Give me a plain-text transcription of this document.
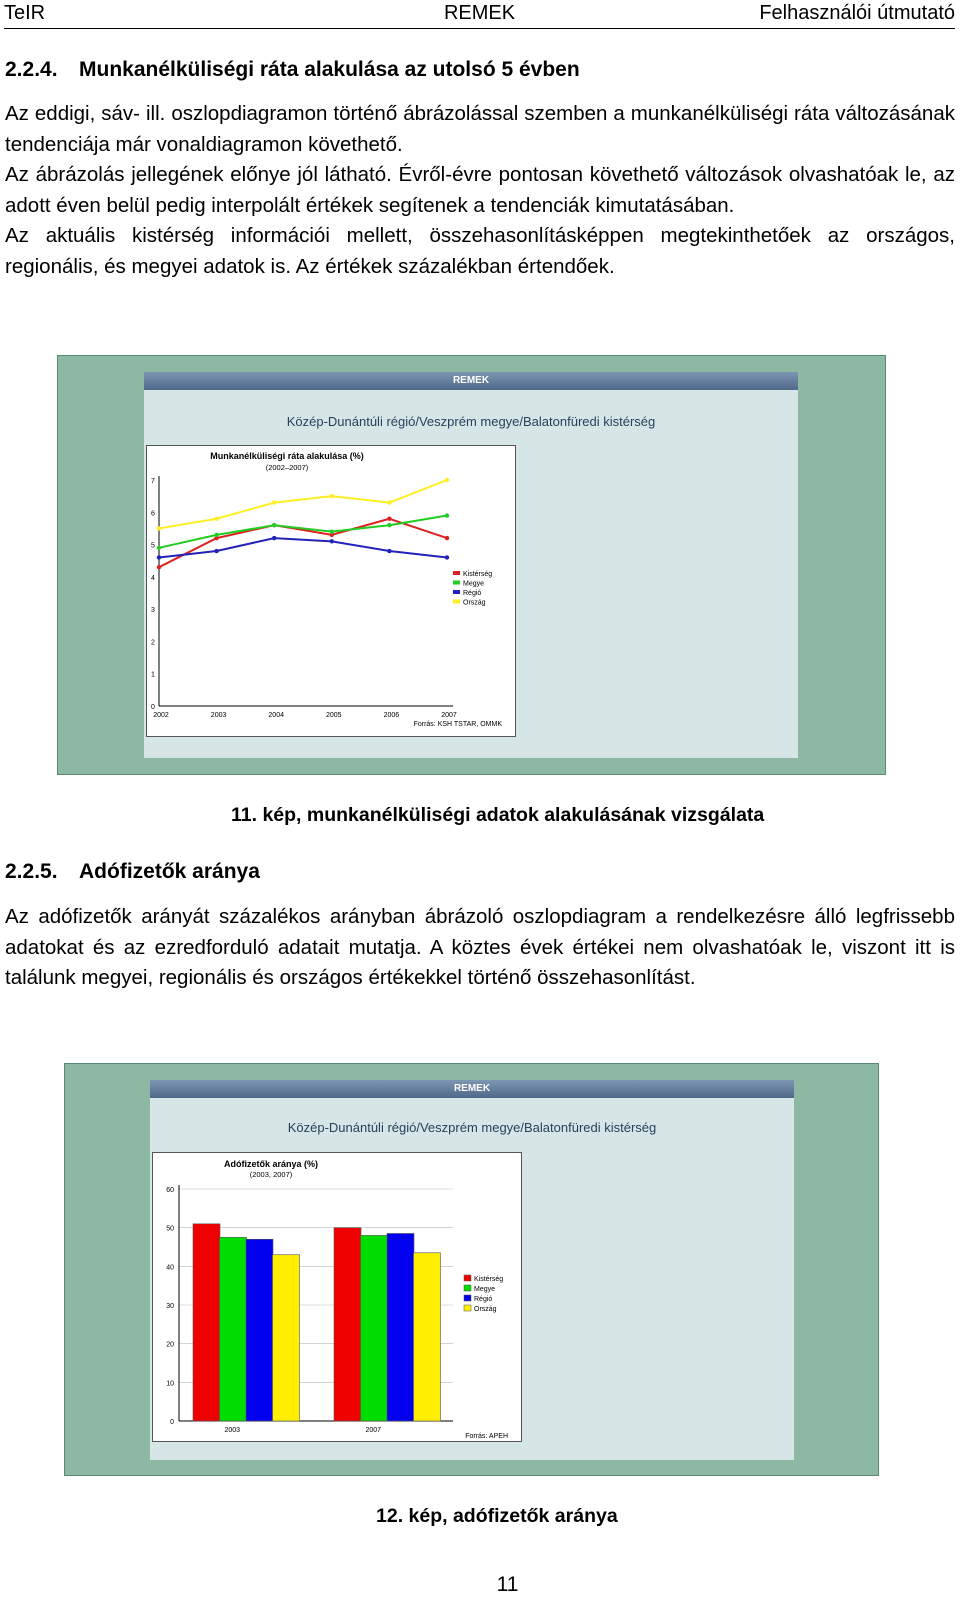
TeIR	REMEK	Felhasználói útmutató
2.2.4. Munkanélküliségi ráta alakulása az utolsó 5 évben

Az eddigi, sáv- ill. oszlopdiagramon történő ábrázolással szemben a munkanélküliségi ráta változásának tendenciája már vonaldiagramon követhető.

Az ábrázolás jellegének előnye jól látható. Évről-évre pontosan követhető változások olvashatóak le, az adott éven belül pedig interpolált értékek segítenek a tendenciák kimutatásában.

Az aktuális kistérség információi mellett, összehasonlításképpen megtekinthetőek az országos, regionális, és megyei adatok is. Az értékek százalékban értendőek.

REMEK
Közép-Dunántúli régió/Veszprém megye/Balatonfüredi kistérség
Munkanélküliségi ráta alakulása (%)
(2002–2007)
0
1
2
3
4
5
6
7
2002	2003	2004	2005	2006	2007
Kistérség
Megye
Régió
Ország
Forrás: KSH TSTAR, OMMK
11. kép, munkanélküliségi adatok alakulásának vizsgálata
2.2.5. Adófizetők aránya

Az adófizetők arányát százalékos arányban ábrázoló oszlopdiagram a rendelkezésre álló legfrissebb adatokat és az ezredforduló adatait mutatja. A köztes évek értékei nem olvashatóak le, viszont itt is találunk megyei, regionális és országos értékekkel történő összehasonlítást.

REMEK
Közép-Dunántúli régió/Veszprém megye/Balatonfüredi kistérség
Adófizetők aránya (%)
(2003, 2007)
0
10
20
30
40
50
60
2003	2007
Kistérség
Megye
Régió
Ország
Forrás: APEH
12. kép, adófizetők aránya
11
